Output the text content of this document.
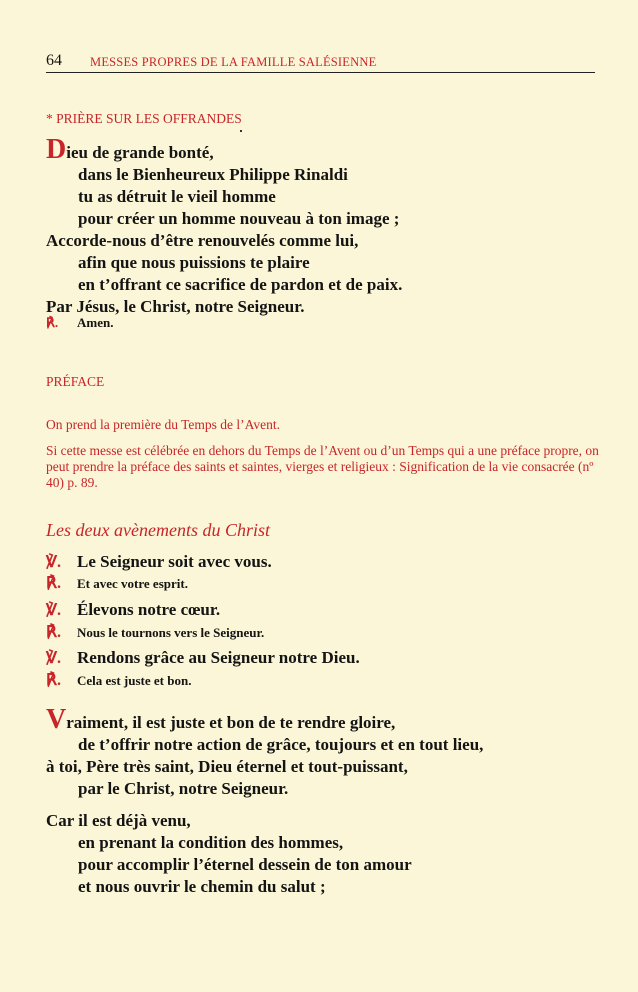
64 MESSES PROPRES DE LA FAMILLE SALÉSIENNE
* PRIÈRE SUR LES OFFRANDES
Dieu de grande bonté,
dans le Bienheureux Philippe Rinaldi
tu as détruit le vieil homme
pour créer un homme nouveau à ton image ;
Accorde-nous d’être renouvelés comme lui,
afin que nous puissions te plaire
en t’offrant ce sacrifice de pardon et de paix.
Par Jésus, le Christ, notre Seigneur.
℟. Amen.
PRÉFACE
On prend la première du Temps de l’Avent.
Si cette messe est célébrée en dehors du Temps de l’Avent ou d’un Temps qui a une préface propre, on peut prendre la préface des saints et saintes, vierges et religieux : Signification de la vie consacrée (nº 40) p. 89.
Les deux avènements du Christ
℣. Le Seigneur soit avec vous.
℟. Et avec votre esprit.
℣. Élevons notre cœur.
℟. Nous le tournons vers le Seigneur.
℣. Rendons grâce au Seigneur notre Dieu.
℟. Cela est juste et bon.
Vraiment, il est juste et bon de te rendre gloire,
de t’offrir notre action de grâce, toujours et en tout lieu,
à toi, Père très saint, Dieu éternel et tout-puissant,
par le Christ, notre Seigneur.
Car il est déjà venu,
en prenant la condition des hommes,
pour accomplir l’éternel dessein de ton amour
et nous ouvrir le chemin du salut ;
